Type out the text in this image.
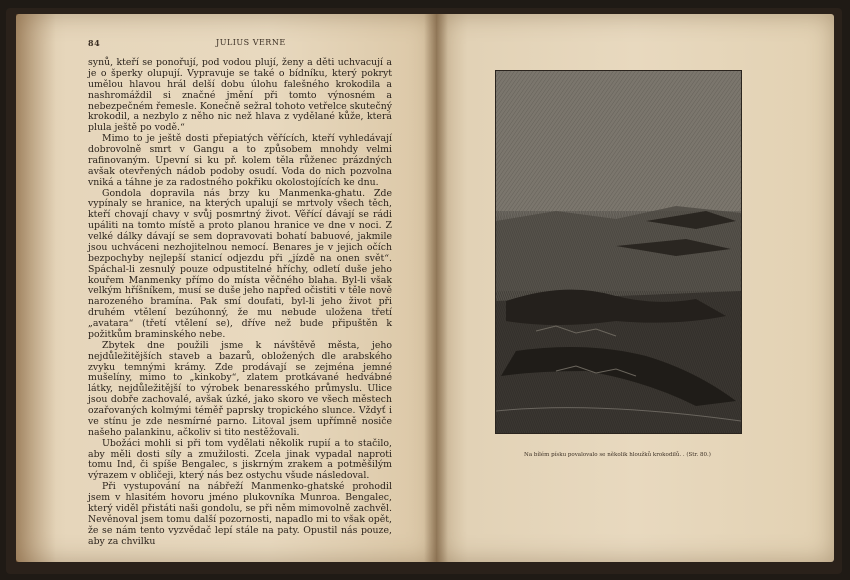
84	JULIUS VERNE

synů, kteří se ponořují, pod vodou plují, ženy a děti uchvacují a je o šperky olupují. Vypravuje se také o bídníku, který pokryt umělou hlavou hrál delší dobu úlohu falešného krokodila a nashromáždil si značné jmění při tomto výnosném a nebezpečném řemesle. Konečně sežral tohoto vetřelce skutečný krokodil, a nezbylo z něho nic než hlava z vydělané kůže, která plula ještě po vodě.“

Mimo to je ještě dosti přepiatých věřících, kteří vyhledávají dobrovolně smrt v Gangu a to způsobem mnohdy velmi rafinovaným. Upevní si ku př. kolem těla růženec prázdných avšak otevřených nádob podoby osudí. Voda do nich pozvolna vniká a táhne je za radostného pokřiku okolostojících ke dnu.

Gondola dopravila nás brzy ku Manmenka-ghatu. Zde vypínaly se hranice, na kterých upalují se mrtvoly všech těch, kteří chovají chavy v svůj posmrtný život. Věřící dávají se rádi upáliti na tomto místě a proto planou hranice ve dne v noci. Z velké dálky dávají se sem dopravovati bohatí babuové, jakmile jsou uchváceni nezhojitelnou nemocí. Benares je v jejich očích bezpochyby nejlepší stanicí odjezdu při „jízdě na onen svět“. Spáchal-li zesnulý pouze odpustitelné hříchy, odletí duše jeho kouřem Manmenky přímo do místa věčného blaha. Byl-li však velkým hříšníkem, musí se duše jeho napřed očistiti v těle nově narozeného bramína. Pak smí doufati, byl-li jeho život při druhém vtělení bezúhonný, že mu nebude uložena třetí „avatara“ (třetí vtělení se), dříve než bude připuštěn k požitkům braminského nebe.

Zbytek dne použili jsme k návštěvě města, jeho nejdůležitějších staveb a bazarů, obložených dle arabského zvyku temnými krámy. Zde prodávají se zejména jemné mušelíny, mimo to „kinkoby“, zlatem protkávané hedvábné látky, nejdůležitější to výrobek benaresského průmyslu. Ulice jsou dobře zachovalé, avšak úzké, jako skoro ve všech městech ozařovaných kolmými téměř paprsky tropického slunce. Vždyť i ve stínu je zde nesmírné parno. Litoval jsem upřímně nosiče našeho palankinu, ačkoliv si tito nestěžovali.

Ubožáci mohli si při tom vydělati několik rupií a to stačilo, aby měli dosti síly a zmužilosti. Zcela jinak vypadal naproti tomu Ind, či spíše Bengalec, s jiskrným zrakem a potměšilým výrazem v obličeji, který nás bez ostychu všude následoval.

Při vystupování na nábřeží Manmenko-ghatské prohodil jsem v hlasitém hovoru jméno plukovníka Munroa. Bengalec, který viděl přistáti naši gondolu, se při něm mimovolně zachvěl. Nevěnoval jsem tomu další pozornosti, napadlo mi to však opět, že se nám tento vyzvědač lepí stále na paty. Opustil nás pouze, aby za chvilku

Na bílém písku povalovalo se několik hloužků krokodilů. . (Str. 80.)
